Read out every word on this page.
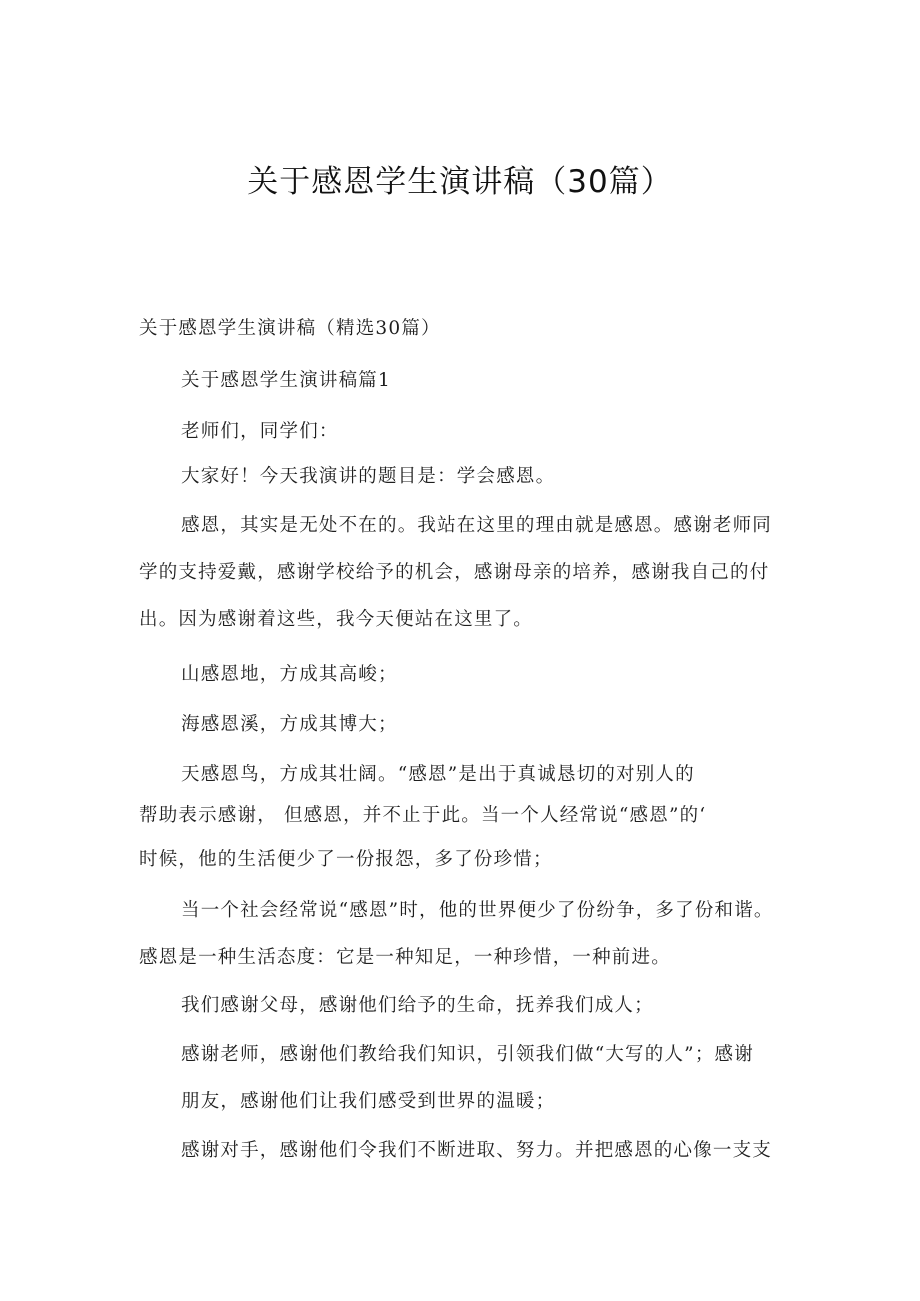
关于感恩学生演讲稿（30篇）
关于感恩学生演讲稿（精选30篇）
关于感恩学生演讲稿篇1
老师们，同学们：
大家好！今天我演讲的题目是：学会感恩。
感恩，其实是无处不在的。我站在这里的理由就是感恩。感谢老师同
学的支持爱戴，感谢学校给予的机会，感谢母亲的培养，感谢我自己的付
出。因为感谢着这些，我今天便站在这里了。
山感恩地，方成其高峻；
海感恩溪，方成其博大；
天感恩鸟，方成其壮阔。“感恩”是出于真诚恳切的对别人的
帮助表示感谢， 但感恩，并不止于此。当一个人经常说“感恩”的‘
时候，他的生活便少了一份报怨，多了份珍惜；
当一个社会经常说“感恩”时，他的世界便少了份纷争，多了份和谐。
感恩是一种生活态度：它是一种知足，一种珍惜，一种前进。
我们感谢父母，感谢他们给予的生命，抚养我们成人；
感谢老师，感谢他们教给我们知识，引领我们做“大写的人”；感谢
朋友，感谢他们让我们感受到世界的温暖；
感谢对手，感谢他们令我们不断进取、努力。并把感恩的心像一支支
